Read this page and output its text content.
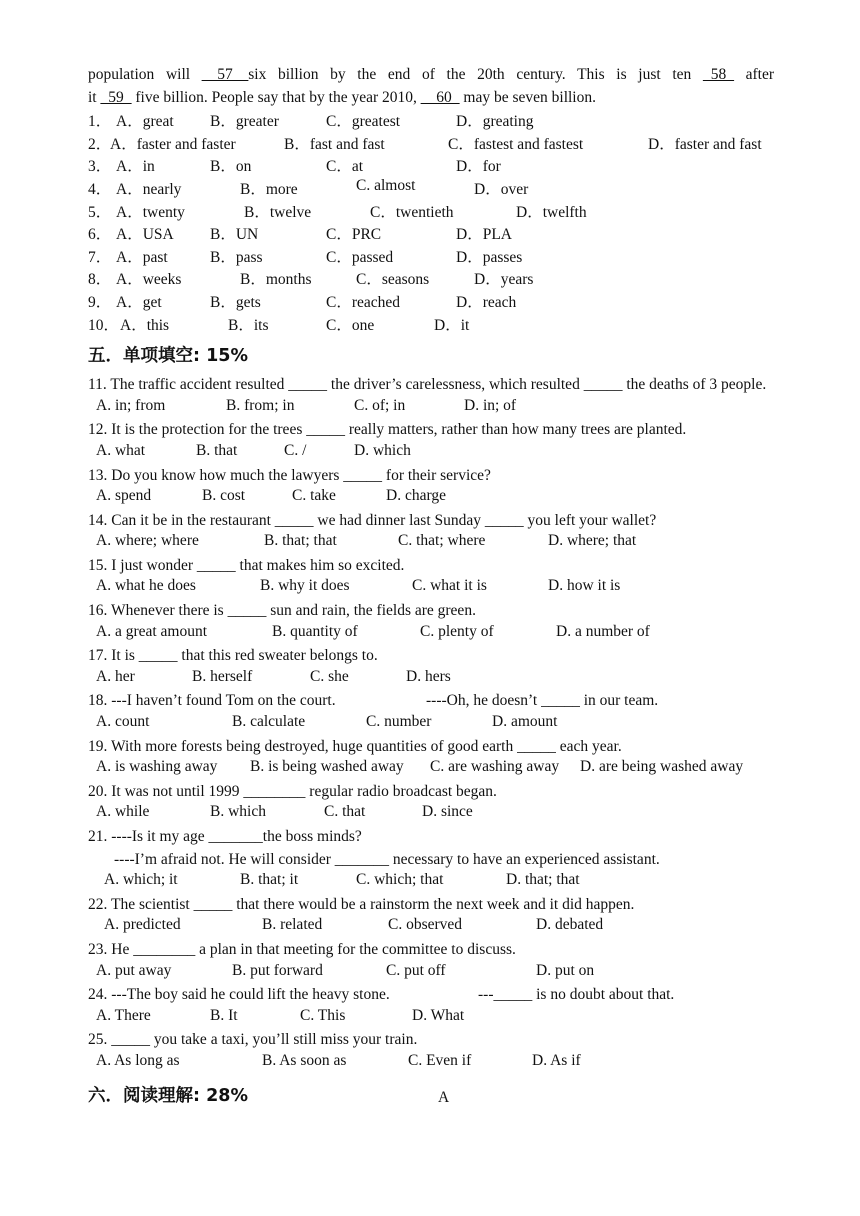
population will __57__six billion by the end of the 20th century. This is just ten _58_ after
it _59_ five billion. People say that by the year 2010, __60_ may be seven billion.
1． A．great B．greater	C．greatest	D．greating
2．
A．faster and faster	B．fast and fast	C．fastest and fastest	D．faster and fast
3． A．in	B．on	C．at	D．for
4． A．nearly	B．more	C. almost	D．over
5． A．twenty	B．twelve	C．twentieth	D．twelfth
6． A．USA B．UN	C．PRC	D．PLA
7． A．past	B．pass	C．passed	D．passes
8． A．weeks	B．months	C．seasons	D．years
9． A．get	B．gets	C．reached	D．reach
10． A．this	B．its	C．one	D．it
五．单项填空: 15%
11. The traffic accident resulted _____ the driver’s carelessness, which resulted _____ the deaths of 3 people.
A. in; from	B. from; in	C. of; in	D. in; of
12. It is the protection for the trees _____ really matters, rather than how many trees are planted.
A. what	B. that	C. /	D. which
13. Do you know how much the lawyers _____ for their service?
A. spend	B. cost	C. take	D. charge
14. Can it be in the restaurant _____ we had dinner last Sunday _____ you left your wallet?
A. where; where	B. that; that	C. that; where	D. where; that
15. I just wonder _____ that makes him so excited.
A. what he does	B. why it does	C. what it is	D. how it is
16. Whenever there is _____ sun and rain, the fields are green.
A. a great amount	B. quantity of	C. plenty of	D. a number of
17. It is _____ that this red sweater belongs to.
A. her	B. herself	C. she	D. hers
18. ---I haven’t found Tom on the court.	----Oh, he doesn’t _____ in our team.
A. count	B. calculate	C. number	D. amount
19. With more forests being destroyed, huge quantities of good earth _____ each year.
A. is washing away B. is being washed away C. are washing away D. are being washed away
20. It was not until 1999 ________ regular radio broadcast began.
A. while	B. which	C. that	D. since
21. ----Is it my age _______the boss minds?
----I’m afraid not. He will consider _______ necessary to have an experienced assistant.
A. which; it	B. that; it	C. which; that	D. that; that
22. The scientist _____ that there would be a rainstorm the next week and it did happen.
A. predicted	B. related	C. observed	D. debated
23. He ________ a plan in that meeting for the committee to discuss.
A. put away	B. put forward	C. put off	D. put on
24. ---The boy said he could lift the heavy stone.	---_____ is no doubt about that.
A. There	B. It	C. This	D. What
25. _____ you take a taxi, you’ll still miss your train.
A. As long as	B. As soon as	C. Even if	D. As if
六．阅读理解: 28%	A
